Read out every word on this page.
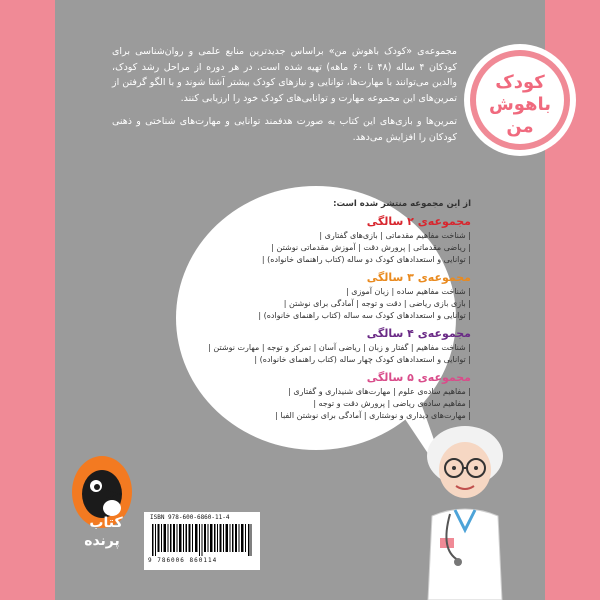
مجموعه‌ی «کودک باهوش من» براساس جدیدترین منابع علمی و روان‌شناسی برای کودکان ۴ ساله (۴۸ تا ۶۰ ماهه) تهیه شده است. در هر دوره از مراحل رشد کودک، والدین می‌توانند با مهارت‌ها، توانایی و نیازهای کودک بیشتر آشنا شوند و با الگو گرفتن از تمرین‌های این مجموعه مهارت و توانایی‌های کودک خود را ارزیابی کنند.

تمرین‌ها و بازی‌های این کتاب به صورت هدفمند توانایی و مهارت‌های شناختی و ذهنی کودکان را افزایش می‌دهد.

کودک
باهوش
من

از این مجموعه منتشر شده است:

مجموعه‌ی ۲ سالگی

| شناخت مفاهیم مقدماتی | بازی‌های گفتاری |

| ریاضی مقدماتی | پرورش دقت | آموزش مقدماتی نوشتن |

| توانایی و استعدادهای کودک دو ساله (کتاب راهنمای خانواده) |

مجموعه‌ی ۳ سالگی

| شناخت مفاهیم ساده | زبان آموزی |

| بازی بازی ریاضی | دقت و توجه | آمادگی برای نوشتن |

| توانایی و استعدادهای کودک سه ساله (کتاب راهنمای خانواده) |

مجموعه‌ی ۴ سالگی

| شناخت مفاهیم | گفتار و زبان | ریاضی آسان | تمرکز و توجه | مهارت نوشتن |

| توانایی و استعدادهای کودک چهار ساله (کتاب راهنمای خانواده) |

مجموعه‌ی ۵ سالگی

| مفاهیم ساده‌ی علوم | مهارت‌های شنیداری و گفتاری |

| مفاهیم ساده‌ی ریاضی | پرورش دقت و توجه |

| مهارت‌های دیداری و نوشتاری | آمادگی برای نوشتن الفبا |

کتاب
پرنده
ISBN 978-600-6860-11-4
9 786006 860114
